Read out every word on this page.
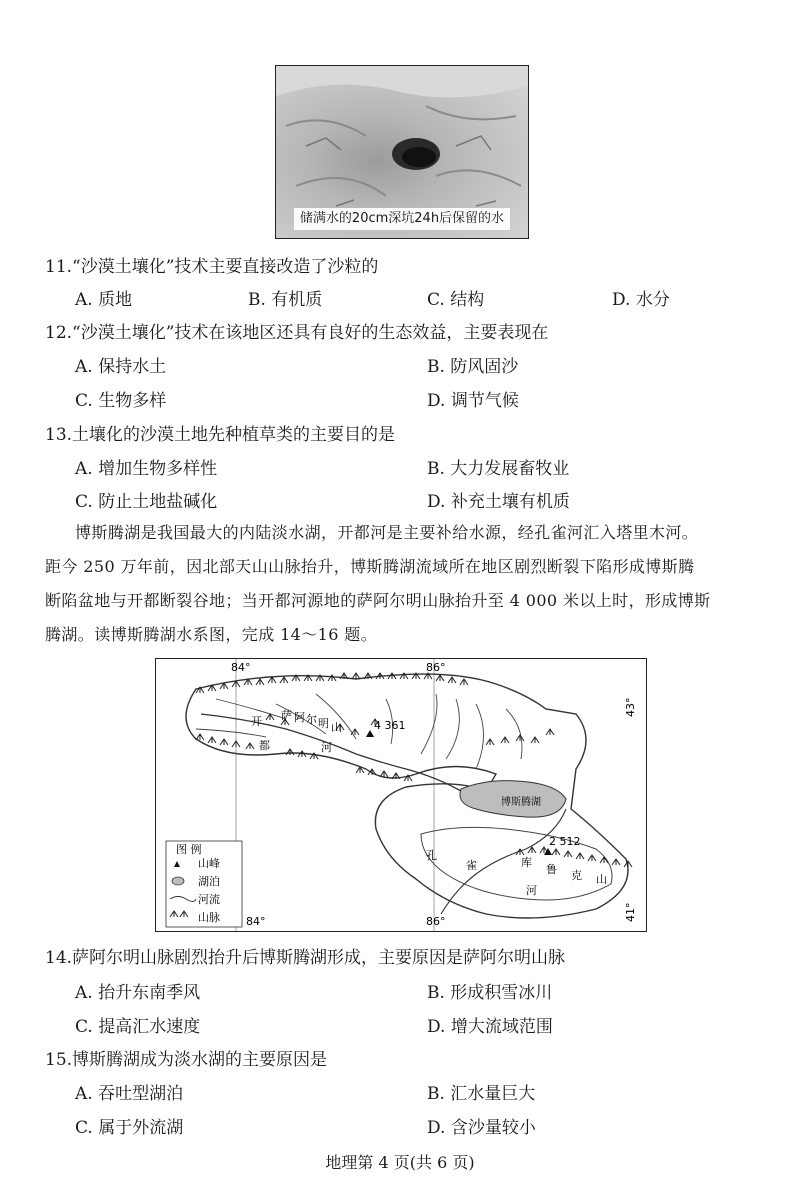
储满水的20cm深坑24h后保留的水
11.“沙漠土壤化”技术主要直接改造了沙粒的
A. 质地	B. 有机质	C. 结构	D. 水分
12.“沙漠土壤化”技术在该地区还具有良好的生态效益，主要表现在
A. 保持水土	B. 防风固沙
C. 生物多样	D. 调节气候
13.土壤化的沙漠土地先种植草类的主要目的是
A. 增加生物多样性	B. 大力发展畜牧业
C. 防止土地盐碱化	D. 补充土壤有机质

博斯腾湖是我国最大的内陆淡水湖，开都河是主要补给水源，经孔雀河汇入塔里木河。

距今 250 万年前，因北部天山山脉抬升，博斯腾湖流域所在地区剧烈断裂下陷形成博斯腾
断陷盆地与开都断裂谷地；当开都河源地的萨阿尔明山脉抬升至 4 000 米以上时，形成博斯
腾湖。读博斯腾湖水系图，完成 14～16 题。
84°	86°
84°	86°
43°
41°
4 361
2 512
博斯腾湖
开
都	河
萨 阿 尔 明 山
孔
雀
河
库
鲁 克 山
图 例
山峰
湖泊
河流
山脉
14.萨阿尔明山脉剧烈抬升后博斯腾湖形成，主要原因是萨阿尔明山脉
A. 抬升东南季风	B. 形成积雪冰川
C. 提高汇水速度	D. 增大流域范围
15.博斯腾湖成为淡水湖的主要原因是
A. 吞吐型湖泊	B. 汇水量巨大
C. 属于外流湖	D. 含沙量较小
地理第 4 页(共 6 页)
